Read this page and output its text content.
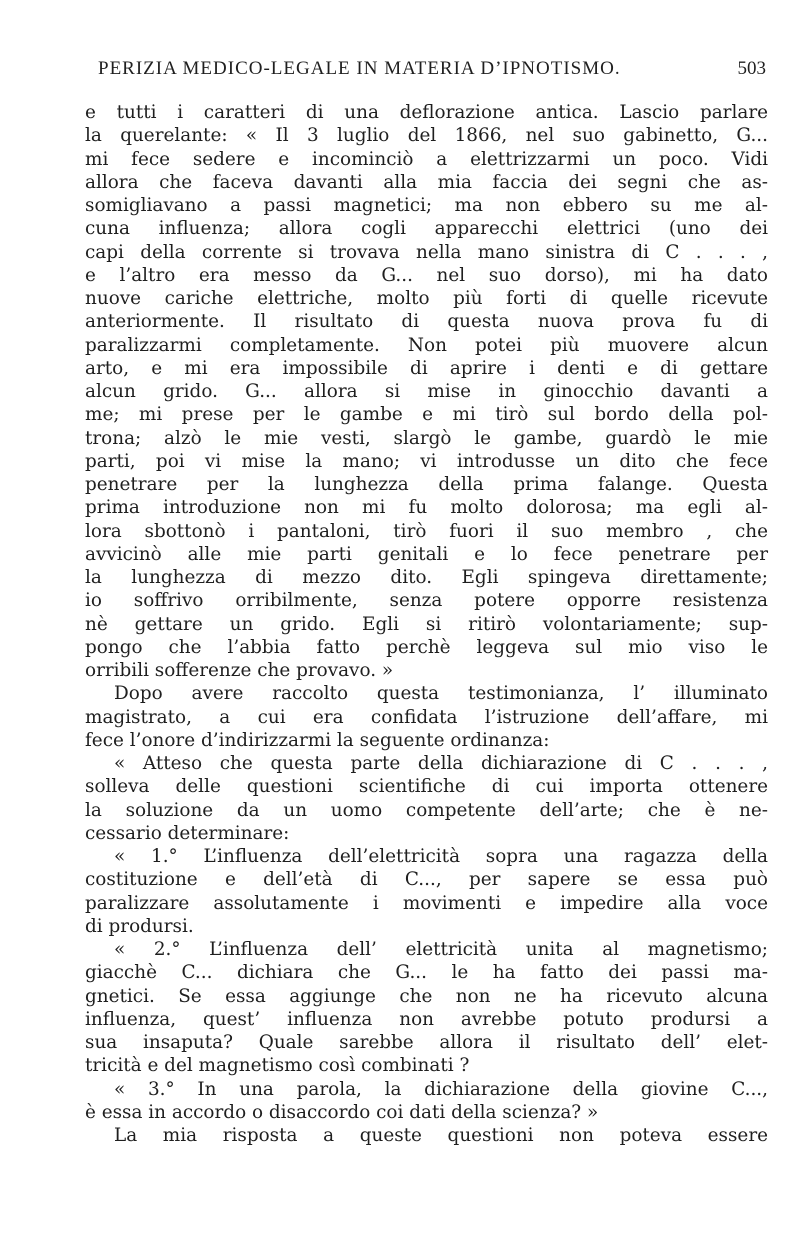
PERIZIA MEDICO-LEGALE IN MATERIA D’IPNOTISMO.	503
e tutti i caratteri di una deflorazione antica. Lascio parlare
la querelante: « Il 3 luglio del 1866, nel suo gabinetto, G...
mi fece sedere e incominciò a elettrizzarmi un poco. Vidi
allora che faceva davanti alla mia faccia dei segni che as-
somigliavano a passi magnetici; ma non ebbero su me al-
cuna influenza; allora cogli apparecchi elettrici (uno dei
capi della corrente si trovava nella mano sinistra di C . . . ,
e l’altro era messo da G... nel suo dorso), mi ha dato
nuove cariche elettriche, molto più forti di quelle ricevute
anteriormente. Il risultato di questa nuova prova fu di
paralizzarmi completamente. Non potei più muovere alcun
arto, e mi era impossibile di aprire i denti e di gettare
alcun grido. G... allora si mise in ginocchio davanti a
me; mi prese per le gambe e mi tirò sul bordo della pol-
trona; alzò le mie vesti, slargò le gambe, guardò le mie
parti, poi vi mise la mano; vi introdusse un dito che fece
penetrare per la lunghezza della prima falange. Questa
prima introduzione non mi fu molto dolorosa; ma egli al-
lora sbottonò i pantaloni, tirò fuori il suo membro , che
avvicinò alle mie parti genitali e lo fece penetrare per
la lunghezza di mezzo dito. Egli spingeva direttamente;
io soffrivo orribilmente, senza potere opporre resistenza
nè gettare un grido. Egli si ritirò volontariamente; sup-
pongo che l’abbia fatto perchè leggeva sul mio viso le
orribili sofferenze che provavo. »
Dopo avere raccolto questa testimonianza, l’ illuminato
magistrato, a cui era confidata l’istruzione dell’affare, mi
fece l’onore d’indirizzarmi la seguente ordinanza:
« Atteso che questa parte della dichiarazione di C . . . ,
solleva delle questioni scientifiche di cui importa ottenere
la soluzione da un uomo competente dell’arte; che è ne-
cessario determinare:
« 1.° L’influenza dell’elettricità sopra una ragazza della
costituzione e dell’età di C..., per sapere se essa può
paralizzare assolutamente i movimenti e impedire alla voce
di prodursi.
« 2.° L’influenza dell’ elettricità unita al magnetismo;
giacchè C... dichiara che G... le ha fatto dei passi ma-
gnetici. Se essa aggiunge che non ne ha ricevuto alcuna
influenza, quest’ influenza non avrebbe potuto prodursi a
sua insaputa? Quale sarebbe allora il risultato dell’ elet-
tricità e del magnetismo così combinati ?
« 3.° In una parola, la dichiarazione della giovine C...,
è essa in accordo o disaccordo coi dati della scienza? »
La mia risposta a queste questioni non poteva essere
